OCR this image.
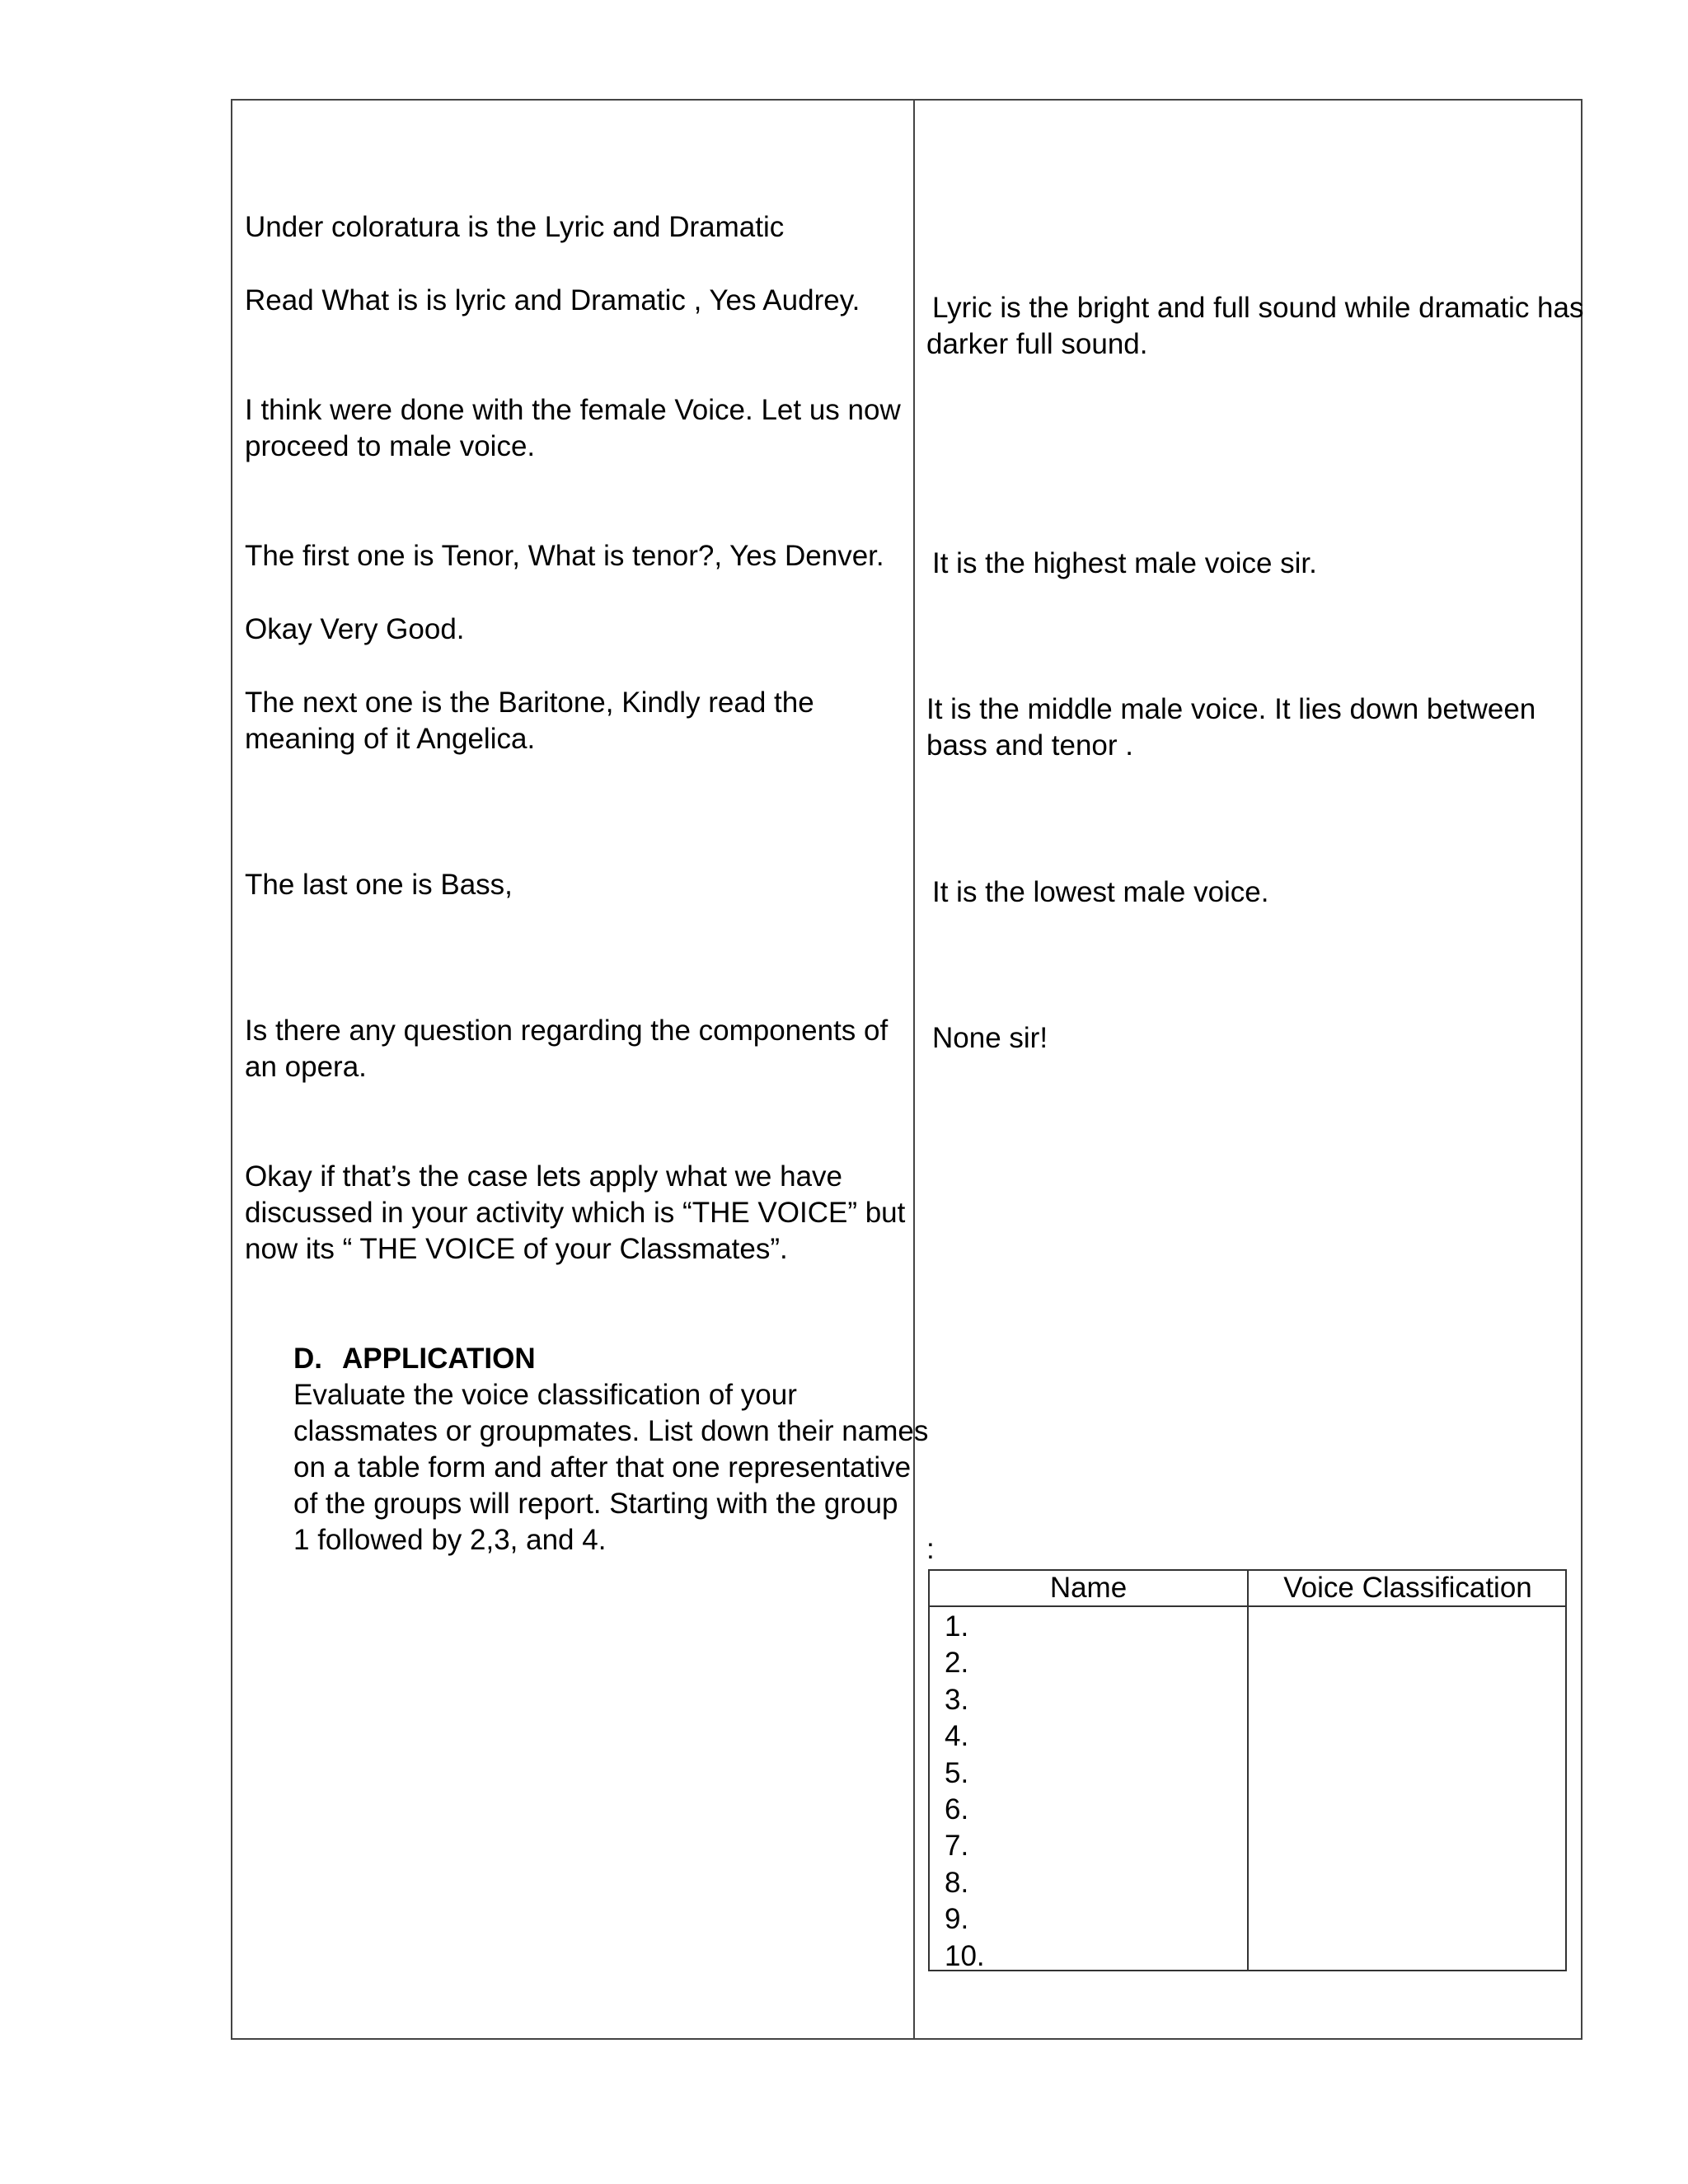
Under coloratura is the Lyric and Dramatic

Read What is is lyric and Dramatic , Yes Audrey.

I think were done with the female Voice. Let us now

proceed to male voice.

The first one is Tenor, What is tenor?, Yes Denver.

Okay Very Good.

The next one is the Baritone, Kindly read the

meaning of it Angelica.

The last one is Bass,

Is there any question regarding the components of

an opera.

Okay if that’s the case lets apply what we have

discussed in your activity which is “THE VOICE” but

now its “ THE VOICE of your Classmates”.

D. APPLICATION

Evaluate the voice classification of your

classmates or groupmates. List down their names

on a table form and after that one representative

of the groups will report. Starting with the group

1 followed by 2,3, and 4.

Lyric is the bright and full sound while dramatic has

darker full sound.

It is the highest male voice sir.

It is the middle male voice. It lies down between

bass and tenor .

It is the lowest male voice.

None sir!

:

Name	Voice Classification
1.
2.
3.
4.
5.
6.
7.
8.
9.
10.
